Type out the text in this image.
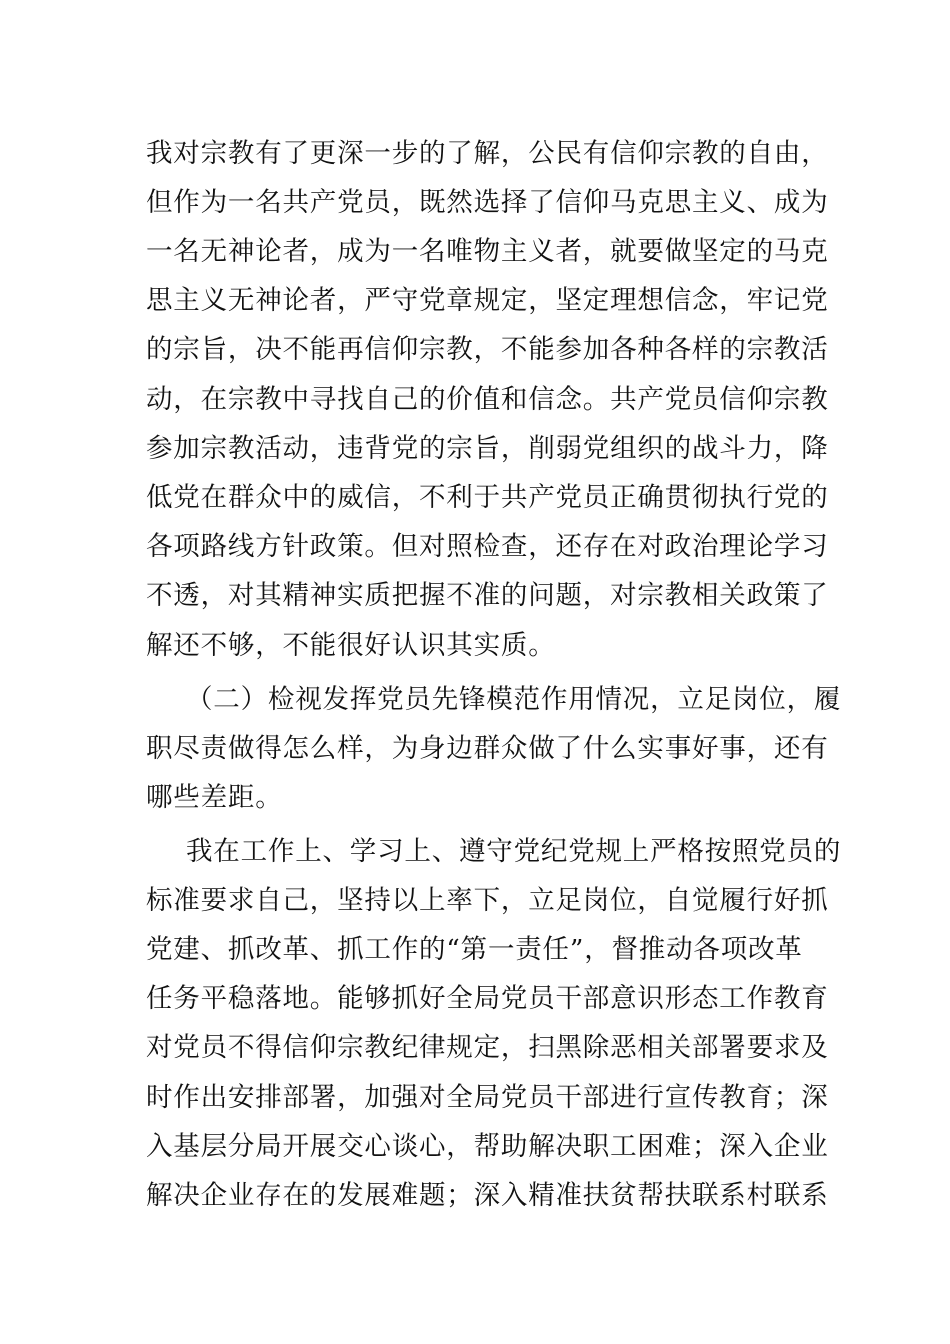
我对宗教有了更深一步的了解，公民有信仰宗教的自由，
但作为一名共产党员，既然选择了信仰马克思主义、成为
一名无神论者，成为一名唯物主义者，就要做坚定的马克
思主义无神论者，严守党章规定，坚定理想信念，牢记党
的宗旨，决不能再信仰宗教，不能参加各种各样的宗教活
动，在宗教中寻找自己的价值和信念。共产党员信仰宗教
参加宗教活动，违背党的宗旨，削弱党组织的战斗力，降
低党在群众中的威信，不利于共产党员正确贯彻执行党的
各项路线方针政策。但对照检查，还存在对政治理论学习
不透，对其精神实质把握不准的问题，对宗教相关政策了
解还不够，不能很好认识其实质。
（二）检视发挥党员先锋模范作用情况，立足岗位，履
职尽责做得怎么样，为身边群众做了什么实事好事，还有
哪些差距。
我在工作上、学习上、遵守党纪党规上严格按照党员的
标准要求自己，坚持以上率下，立足岗位，自觉履行好抓
党建、抓改革、抓工作的“第一责任”，督推动各项改革
任务平稳落地。能够抓好全局党员干部意识形态工作教育
对党员不得信仰宗教纪律规定，扫黑除恶相关部署要求及
时作出安排部署，加强对全局党员干部进行宣传教育；深
入基层分局开展交心谈心，帮助解决职工困难；深入企业
解决企业存在的发展难题；深入精准扶贫帮扶联系村联系
